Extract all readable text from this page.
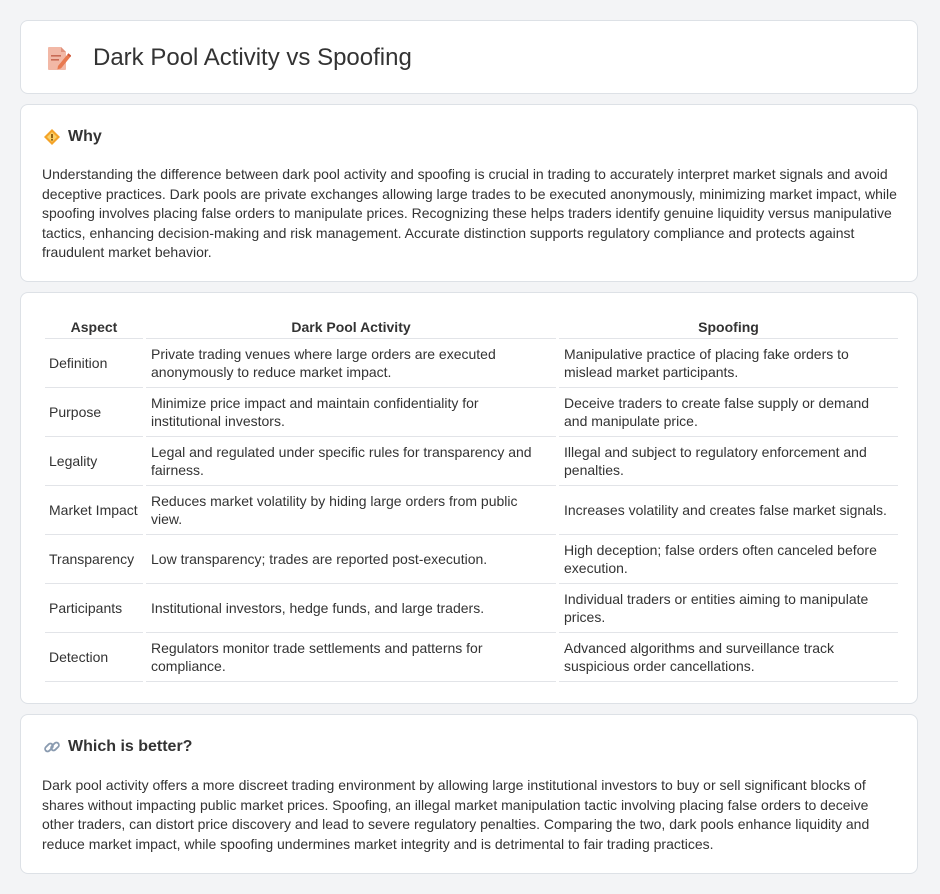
Dark Pool Activity vs Spoofing
Why

Understanding the difference between dark pool activity and spoofing is crucial in trading to accurately interpret market signals and avoid deceptive practices. Dark pools are private exchanges allowing large trades to be executed anonymously, minimizing market impact, while spoofing involves placing false orders to manipulate prices. Recognizing these helps traders identify genuine liquidity versus manipulative tactics, enhancing decision-making and risk management. Accurate distinction supports regulatory compliance and protects against fraudulent market behavior.

Aspect	Dark Pool Activity	Spoofing
Definition	Private trading venues where large orders are executed anonymously to reduce market impact.	Manipulative practice of placing fake orders to mislead market participants.
Purpose	Minimize price impact and maintain confidentiality for institutional investors.	Deceive traders to create false supply or demand and manipulate price.
Legality	Legal and regulated under specific rules for transparency and fairness.	Illegal and subject to regulatory enforcement and penalties.
Market Impact	Reduces market volatility by hiding large orders from public view.	Increases volatility and creates false market signals.
Transparency	Low transparency; trades are reported post-execution.	High deception; false orders often canceled before execution.
Participants	Institutional investors, hedge funds, and large traders.	Individual traders or entities aiming to manipulate prices.
Detection	Regulators monitor trade settlements and patterns for compliance.	Advanced algorithms and surveillance track suspicious order cancellations.
Which is better?

Dark pool activity offers a more discreet trading environment by allowing large institutional investors to buy or sell significant blocks of shares without impacting public market prices. Spoofing, an illegal market manipulation tactic involving placing false orders to deceive other traders, can distort price discovery and lead to severe regulatory penalties. Comparing the two, dark pools enhance liquidity and reduce market impact, while spoofing undermines market integrity and is detrimental to fair trading practices.
